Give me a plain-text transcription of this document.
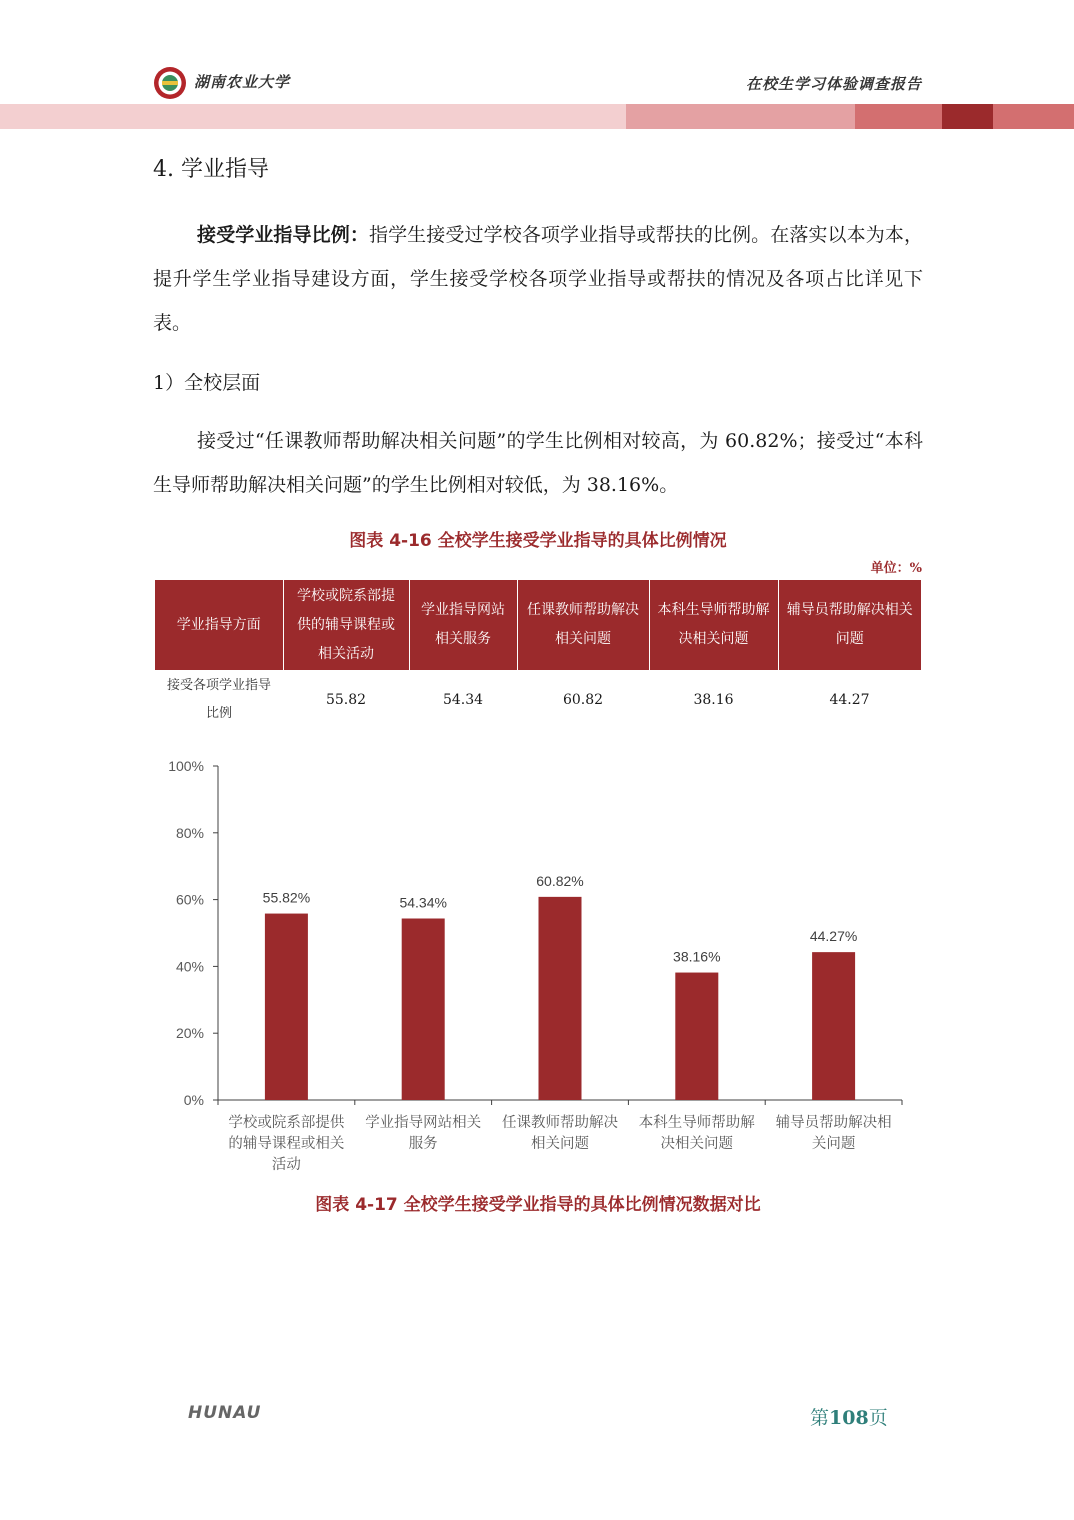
湖南农业大学	在校生学习体验调查报告
4. 学业指导
接受学业指导比例：指学生接受过学校各项学业指导或帮扶的比例。在落实以本为本，提升学生学业指导建设方面，学生接受学校各项学业指导或帮扶的情况及各项占比详见下表。
1）全校层面
接受过“任课教师帮助解决相关问题”的学生比例相对较高，为 60.82%；接受过“本科生导师帮助解决相关问题”的学生比例相对较低，为 38.16%。
图表 4-16 全校学生接受学业指导的具体比例情况
单位：%
学业指导方面	学校或院系部提供的辅导课程或相关活动	学业指导网站相关服务	任课教师帮助解决相关问题	本科生导师帮助解决相关问题	辅导员帮助解决相关问题
接受各项学业指导比例	55.82	54.34	60.82	38.16	44.27
0%
20%
40%
60%
80%
100%
55.82%
学校或院系部提供的辅导课程或相关活动
54.34%
学业指导网站相关服务
60.82%
任课教师帮助解决相关问题
38.16%
本科生导师帮助解决相关问题
44.27%
辅导员帮助解决相关问题
图表 4-17 全校学生接受学业指导的具体比例情况数据对比
HUNAU	第108页
